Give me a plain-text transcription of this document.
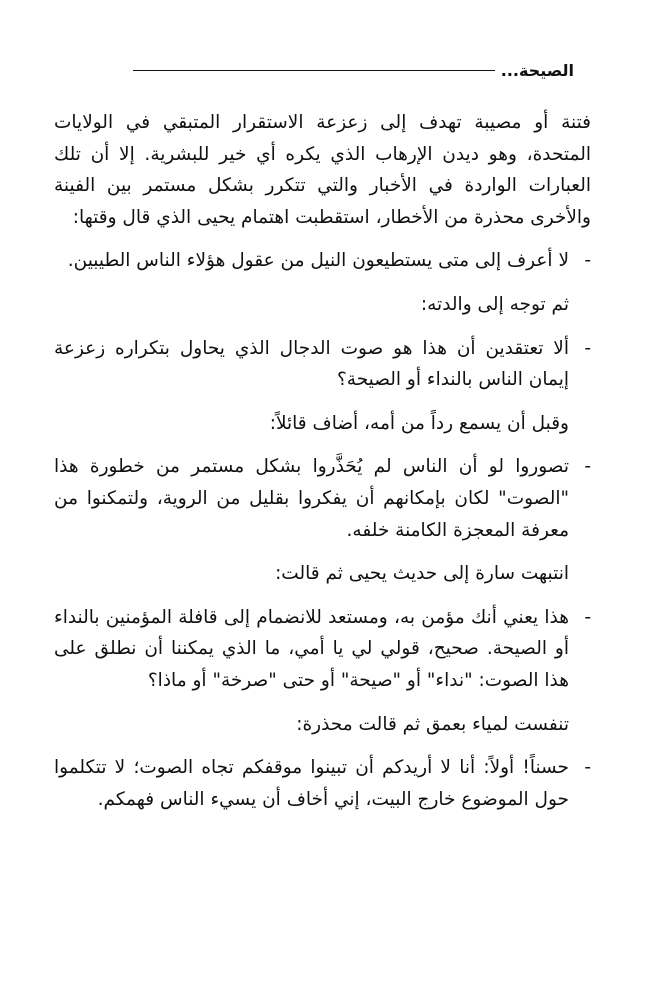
الصيحة...

فتنة أو مصيبة تهدف إلى زعزعة الاستقرار المتبقي في الولايات المتحدة، وهو ديدن الإرهاب الذي يكره أي خير للبشرية. إلا أن تلك العبارات الواردة في الأخبار والتي تتكرر بشكل مستمر بين الفينة والأخرى محذرة من الأخطار، استقطبت اهتمام يحيى الذي قال وقتها:

-
لا أعرف إلى متى يستطيعون النيل من عقول هؤلاء الناس الطيبين.

ثم توجه إلى والدته:

-
ألا تعتقدين أن هذا هو صوت الدجال الذي يحاول بتكراره زعزعة إيمان الناس بالنداء أو الصيحة؟

وقبل أن يسمع رداً من أمه، أضاف قائلاً:

-
تصوروا لو أن الناس لم يُحَذَّروا بشكل مستمر من خطورة هذا "الصوت" لكان بإمكانهم أن يفكروا بقليل من الروية، ولتمكنوا من معرفة المعجزة الكامنة خلفه.

انتبهت سارة إلى حديث يحيى ثم قالت:

-
هذا يعني أنك مؤمن به، ومستعد للانضمام إلى قافلة المؤمنين بالنداء أو الصيحة. صحيح، قولي لي يا أمي، ما الذي يمكننا أن نطلق على هذا الصوت: "نداء" أو "صيحة" أو حتى "صرخة" أو ماذا؟

تنفست لمياء بعمق ثم قالت محذرة:

-
حسناً! أولاً: أنا لا أريدكم أن تبينوا موقفكم تجاه الصوت؛ لا تتكلموا حول الموضوع خارج البيت، إني أخاف أن يسيء الناس فهمكم.
